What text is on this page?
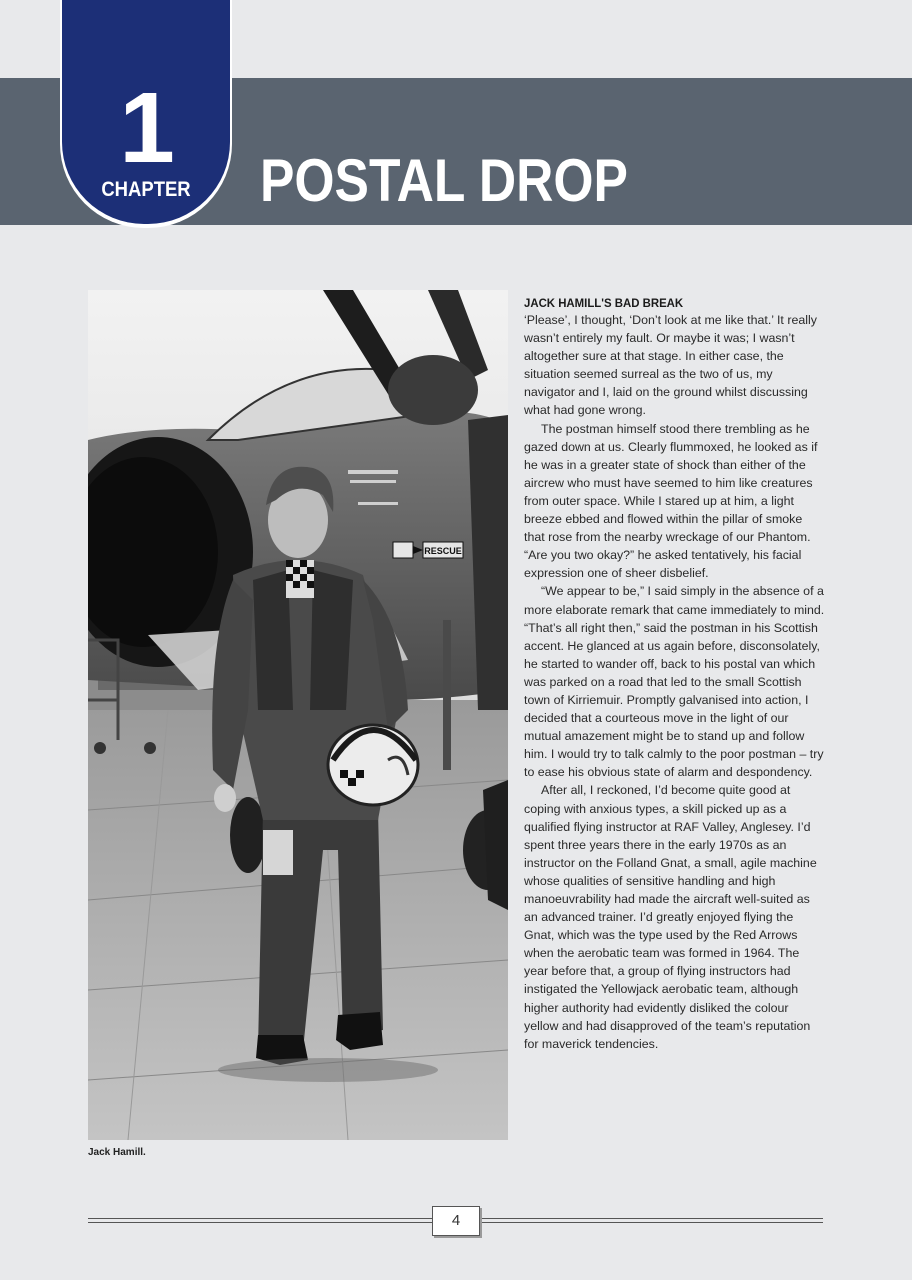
1
CHAPTER	POSTAL DROP
RESCUE
Jack Hamill.
JACK HAMILL'S BAD BREAK

‘Please’, I thought, ‘Don’t look at me like that.’ It really wasn’t entirely my fault. Or maybe it was; I wasn’t altogether sure at that stage. In either case, the situation seemed surreal as the two of us, my navigator and I, laid on the ground whilst discussing what had gone wrong.

The postman himself stood there trembling as he gazed down at us. Clearly flummoxed, he looked as if he was in a greater state of shock than either of the aircrew who must have seemed to him like creatures from outer space. While I stared up at him, a light breeze ebbed and flowed within the pillar of smoke that rose from the nearby wreckage of our Phantom. “Are you two okay?” he asked tentatively, his facial expression one of sheer disbelief.

“We appear to be,” I said simply in the absence of a more elaborate remark that came immediately to mind. “That’s all right then,” said the postman in his Scottish accent. He glanced at us again before, disconsolately, he started to wander off, back to his postal van which was parked on a road that led to the small Scottish town of Kirriemuir. Promptly galvanised into action, I decided that a courteous move in the light of our mutual amazement might be to stand up and follow him. I would try to talk calmly to the poor postman – try to ease his obvious state of alarm and despondency.

After all, I reckoned, I’d become quite good at coping with anxious types, a skill picked up as a qualified flying instructor at RAF Valley, Anglesey. I’d spent three years there in the early 1970s as an instructor on the Folland Gnat, a small, agile machine whose qualities of sensitive handling and high manoeuvrability had made the aircraft well-suited as an advanced trainer. I’d greatly enjoyed flying the Gnat, which was the type used by the Red Arrows when the aerobatic team was formed in 1964. The year before that, a group of flying instructors had instigated the Yellowjack aerobatic team, although higher authority had evidently disliked the colour yellow and had disapproved of the team’s reputation for maverick tendencies.

4
